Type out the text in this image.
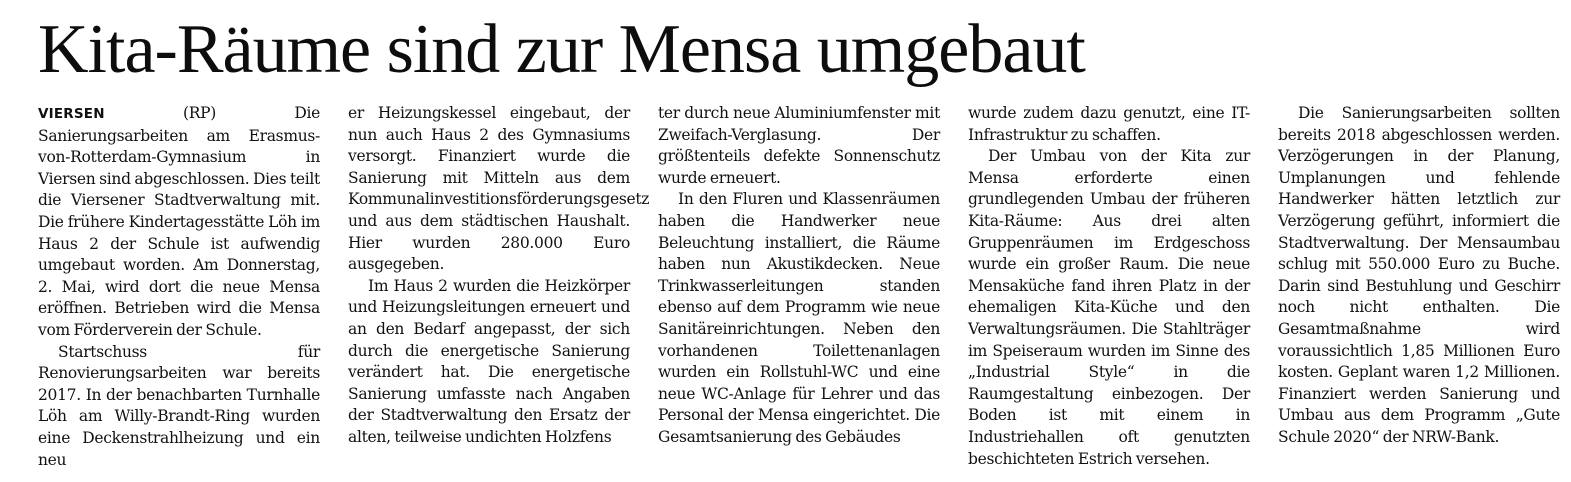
Kita-Räume sind zur Mensa umgebaut

VIERSEN	(RP) Die Sanierungsarbeiten am Erasmus-von-Rotterdam-Gymnasium in Viersen sind abgeschlossen. Dies teilt die Viersener Stadtverwaltung mit. Die frühere Kindertagesstätte Löh im Haus 2 der Schule ist aufwendig umgebaut worden. Am Donnerstag, 2. Mai, wird dort die neue Mensa eröffnen. Betrieben wird die Mensa vom Förderverein der Schule.

Startschuss für Renovierungsarbeiten war bereits 2017. In der benachbarten Turnhalle Löh am Willy-Brandt-Ring wurden eine Deckenstrahlheizung und ein neu

er Heizungskessel eingebaut, der nun auch Haus 2 des Gymnasiums versorgt. Finanziert wurde die Sanierung mit Mitteln aus dem Kommunalinvestitionsförderungsgesetz und aus dem städtischen Haushalt. Hier wurden 280.000 Euro ausgegeben.

Im Haus 2 wurden die Heizkörper und Heizungsleitungen erneuert und an den Bedarf angepasst, der sich durch die energetische Sanierung verändert hat. Die energetische Sanierung umfasste nach Angaben der Stadtverwaltung den Ersatz der alten, teilweise undichten Holzfens

ter durch neue Aluminiumfenster mit Zweifach-Verglasung. Der größtenteils defekte Sonnenschutz wurde erneuert.

In den Fluren und Klassenräumen haben die Handwerker neue Beleuchtung installiert, die Räume haben nun Akustikdecken. Neue Trinkwasserleitungen standen ebenso auf dem Programm wie neue Sanitäreinrichtungen. Neben den vorhandenen Toilettenanlagen wurden ein Rollstuhl-WC und eine neue WC-Anlage für Lehrer und das Personal der Mensa eingerichtet. Die Gesamtsanierung des Gebäudes

wurde zudem dazu genutzt, eine IT-Infrastruktur zu schaffen.

Der Umbau von der Kita zur Mensa erforderte einen grundlegenden Umbau der früheren Kita-Räume: Aus drei alten Gruppenräumen im Erdgeschoss wurde ein großer Raum. Die neue Mensaküche fand ihren Platz in der ehemaligen Kita-Küche und den Verwaltungsräumen. Die Stahlträger im Speiseraum wurden im Sinne des „Industrial Style“ in die Raumgestaltung einbezogen. Der Boden ist mit einem in Industriehallen oft genutzten beschichteten Estrich versehen.

Die Sanierungsarbeiten sollten bereits 2018 abgeschlossen werden. Verzögerungen in der Planung, Umplanungen und fehlende Handwerker hätten letztlich zur Verzögerung geführt, informiert die Stadtverwaltung. Der Mensaumbau schlug mit 550.000 Euro zu Buche. Darin sind Bestuhlung und Geschirr noch nicht enthalten. Die Gesamtmaßnahme wird voraussichtlich 1,85 Millionen Euro kosten. Geplant waren 1,2 Millionen. Finanziert werden Sanierung und Umbau aus dem Programm „Gute Schule 2020“ der NRW-Bank.
